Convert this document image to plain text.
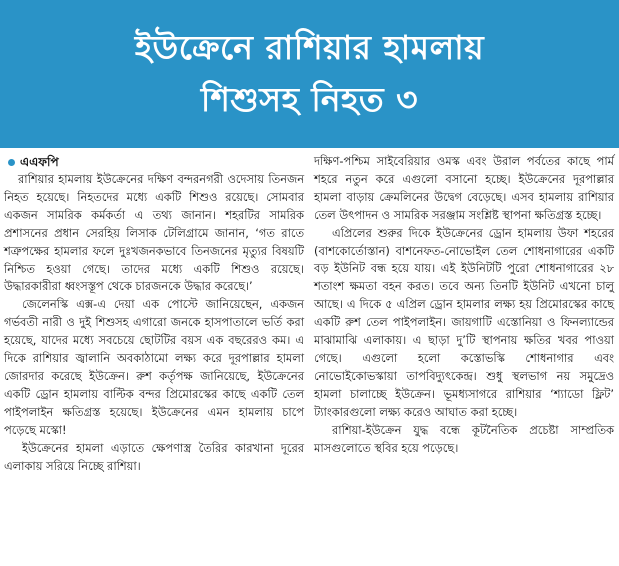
ইউক্রেনে রাশিয়ার হামলায়
শিশুসহ নিহত ৩
এএফপি

রাশিয়ার হামলায় ইউক্রেনের দক্ষিণ বন্দরনগরী ওদেসায় তিনজন নিহত হয়েছে। নিহতদের মধ্যে একটি শিশুও রয়েছে। সোমবার একজন সামরিক কর্মকর্তা এ তথ্য জানান। শহরটির সামরিক প্রশাসনের প্রধান সেরহিয় লিসাক টেলিগ্রামে জানান, ‘গত রাতে শত্রুপক্ষের হামলার ফলে দুঃখজনকভাবে তিনজনের মৃত্যুর বিষয়টি নিশ্চিত হওয়া গেছে। তাদের মধ্যে একটি শিশুও রয়েছে। উদ্ধারকারীরা ধ্বংসস্তূপ থেকে চারজনকে উদ্ধার করেছে।’

জেলেনস্কি এক্স-এ দেয়া এক পোস্টে জানিয়েছেন, একজন গর্ভবতী নারী ও দুই শিশুসহ এগারো জনকে হাসপাতালে ভর্তি করা হয়েছে, যাদের মধ্যে সবচেয়ে ছোটটির বয়স এক বছরেরও কম। এ দিকে রাশিয়ার জ্বালানি অবকাঠামো লক্ষ্য করে দূরপাল্লার হামলা জোরদার করেছে ইউক্রেন। রুশ কর্তৃপক্ষ জানিয়েছে, ইউক্রেনের একটি ড্রোন হামলায় বাল্টিক বন্দর প্রিমোরস্কের কাছে একটি তেল পাইপলাইন ক্ষতিগ্রস্ত হয়েছে। ইউক্রেনের এমন হামলায় চাপে পড়েছে মস্কো!

ইউক্রেনের হামলা এড়াতে ক্ষেপণাস্ত্র তৈরির কারখানা দূরের এলাকায় সরিয়ে নিচ্ছে রাশিয়া।

দক্ষিণ-পশ্চিম সাইবেরিয়ার ওমস্ক এবং উরাল পর্বতের কাছে পার্ম শহরে নতুন করে এগুলো বসানো হচ্ছে। ইউক্রেনের দূরপাল্লার হামলা বাড়ায় ক্রেমলিনের উদ্বেগ বেড়েছে। এসব হামলায় রাশিয়ার তেল উৎপাদন ও সামরিক সরঞ্জাম সংশ্লিষ্ট স্থাপনা ক্ষতিগ্রস্ত হচ্ছে।

এপ্রিলের শুরুর দিকে ইউক্রেনের ড্রোন হামলায় উফা শহরের (বাশকোর্তোস্তান) বাশনেফত-নোভোইল তেল শোধনাগারের একটি বড় ইউনিট বন্ধ হয়ে যায়। এই ইউনিটটি পুরো শোধনাগারের ২৮ শতাংশ ক্ষমতা বহন করত। তবে অন্য তিনটি ইউনিট এখনো চালু আছে। এ দিকে ৫ এপ্রিল ড্রোন হামলার লক্ষ্য হয় প্রিমোরস্কের কাছে একটি রুশ তেল পাইপলাইন। জায়গাটি এস্তোনিয়া ও ফিনল্যান্ডের মাঝামাঝি এলাকায়। এ ছাড়া দু’টি স্থাপনায় ক্ষতির খবর পাওয়া গেছে। এগুলো হলো কস্তোভস্কি শোধনাগার এবং নোভোইকোভস্কায়া তাপবিদ্যুৎকেন্দ্র। শুধু স্থলভাগ নয় সমুদ্রেও হামলা চালাচ্ছে ইউক্রেন। ভূমধ্যসাগরে রাশিয়ার ‘শ্যাডো ফ্লিট’ ট্যাংকারগুলো লক্ষ্য করেও আঘাত করা হচ্ছে।

রাশিয়া-ইউক্রেন যুদ্ধ বন্ধে কূটনৈতিক প্রচেষ্টা সাম্প্রতিক মাসগুলোতে স্থবির হয়ে পড়েছে।
